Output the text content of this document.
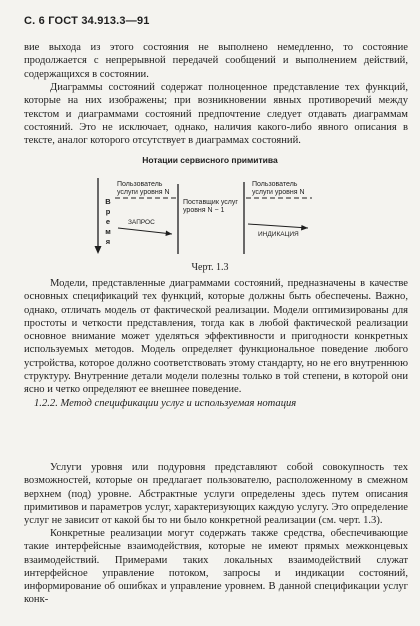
С. 6 ГОСТ 34.913.3—91

вие выхода из этого состояния не выполнено немедленно, то состояние продолжается с непрерывной передачей сообщений и выполнением действий, содержащихся в состоянии.

Диаграммы состояний содержат полноценное представление тех функций, которые на них изображены; при возникновении явных противоречий между текстом и диаграммами состояний предпочтение следует отдавать диаграммам состояний. Это не исключает, однако, наличия какого-либо явного описания в тексте, аналог которого отсутствует в диаграммах состояний.

Нотации сервисного примитива
В
р
е
м
я
Пользователь
услуги уровня N
Поставщик услуг
уровня N − 1
Пользователь
услуги уровня N
ЗАПРОС
ИНДИКАЦИЯ
Черт. 1.3

Модели, представленные диаграммами состояний, предназначены в качестве основных спецификаций тех функций, которые должны быть обеспечены. Важно, однако, отличать модель от фактической реализации. Модели оптимизированы для простоты и четкости представления, тогда как в любой фактической реализации основное внимание может уделяться эффективности и пригодности конкретных используемых методов. Модель определяет функциональное поведение любого устройства, которое должно соответствовать этому стандарту, но не его внутреннюю структуру. Внутренние детали модели полезны только в той степени, в которой они ясно и четко определяют ее внешнее поведение.

1.2.2. Метод спецификации услуг и используемая нотация

Услуги уровня или подуровня представляют собой совокупность тех возможностей, которые он предлагает пользователю, расположенному в смежном верхнем (под) уровне. Абстрактные услуги определены здесь путем описания примитивов и параметров услуг, характеризующих каждую услугу. Это определение услуг не зависит от какой бы то ни было конкретной реализации (см. черт. 1.3).

Конкретные реализации могут содержать также средства, обеспечивающие такие интерфейсные взаимодействия, которые не имеют прямых межконцевых взаимодействий. Примерами таких локальных взаимодействий служат интерфейсное управление потоком, запросы и индикации состояний, информирование об ошибках и управление уровнем. В данной спецификации услуг конк-
